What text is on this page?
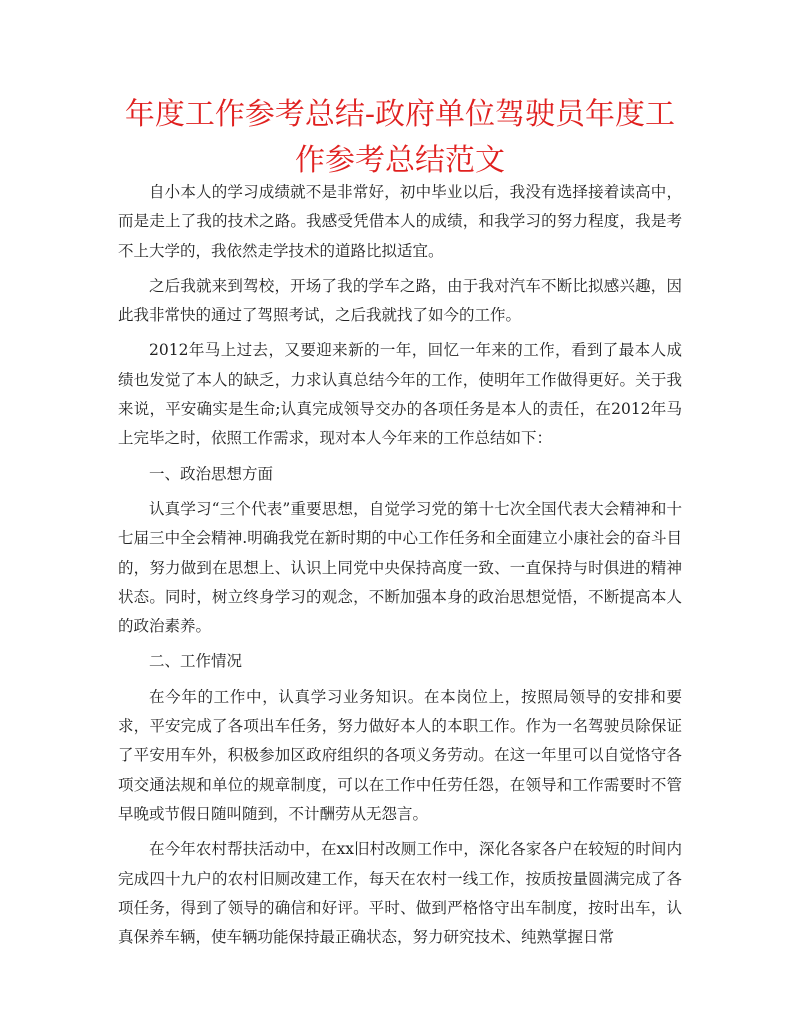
年度工作参考总结-政府单位驾驶员年度工作参考总结范文

自小本人的学习成绩就不是非常好，初中毕业以后，我没有选择接着读高中，而是走上了我的技术之路。我感受凭借本人的成绩，和我学习的努力程度，我是考不上大学的，我依然走学技术的道路比拟适宜。

之后我就来到驾校，开场了我的学车之路，由于我对汽车不断比拟感兴趣，因此我非常快的通过了驾照考试，之后我就找了如今的工作。

2012年马上过去，又要迎来新的一年，回忆一年来的工作，看到了最本人成绩也发觉了本人的缺乏，力求认真总结今年的工作，使明年工作做得更好。关于我来说，平安确实是生命;认真完成领导交办的各项任务是本人的责任，在2012年马上完毕之时，依照工作需求，现对本人今年来的工作总结如下：

一、政治思想方面

认真学习“三个代表”重要思想，自觉学习党的第十七次全国代表大会精神和十七届三中全会精神.明确我党在新时期的中心工作任务和全面建立小康社会的奋斗目的，努力做到在思想上、认识上同党中央保持高度一致、一直保持与时俱进的精神状态。同时，树立终身学习的观念，不断加强本身的政治思想觉悟，不断提高本人的政治素养。

二、工作情况

在今年的工作中，认真学习业务知识。在本岗位上，按照局领导的安排和要求，平安完成了各项出车任务，努力做好本人的本职工作。作为一名驾驶员除保证了平安用车外，积极参加区政府组织的各项义务劳动。在这一年里可以自觉恪守各项交通法规和单位的规章制度，可以在工作中任劳任怨，在领导和工作需要时不管早晚或节假日随叫随到，不计酬劳从无怨言。

在今年农村帮扶活动中，在xx旧村改厕工作中，深化各家各户在较短的时间内完成四十九户的农村旧厕改建工作，每天在农村一线工作，按质按量圆满完成了各项任务，得到了领导的确信和好评。平时、做到严格恪守出车制度，按时出车，认真保养车辆，使车辆功能保持最正确状态，努力研究技术、纯熟掌握日常
